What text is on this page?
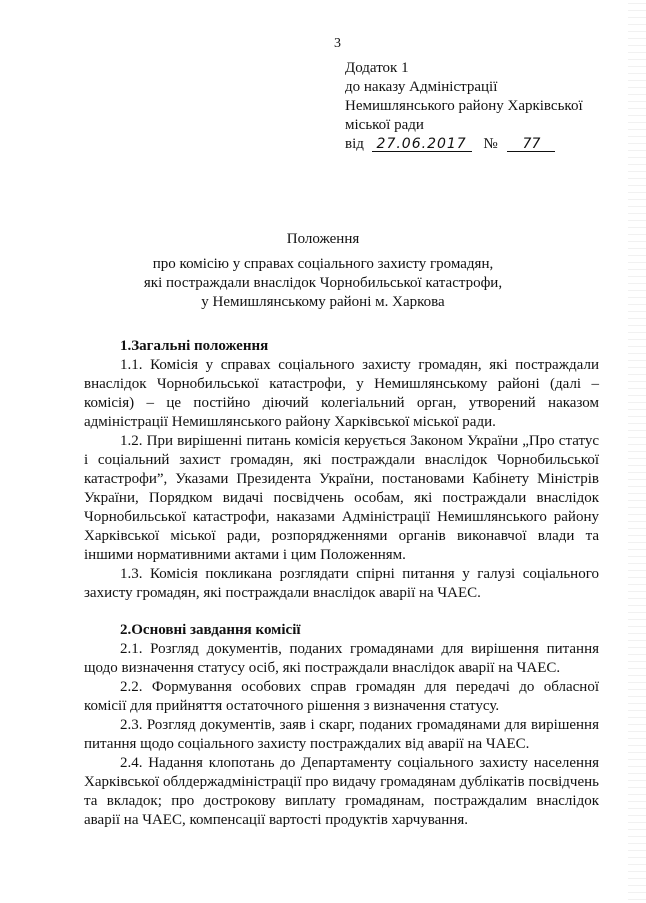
3
Додаток 1
до наказу Адміністрації
Немишлянського району Харківської
міської ради
від 27.06.2017 № 77
Положення
про комісію у справах соціального захисту громадян,
які постраждали внаслідок Чорнобильської катастрофи,
у Немишлянському районі м. Харкова
1.Загальні положення
1.1. Комісія у справах соціального захисту громадян, які постраждали внаслідок Чорнобильської катастрофи, у Немишлянському районі (далі – комісія) – це постійно діючий колегіальний орган, утворений наказом адміністрації Немишлянського району Харківської міської ради.
1.2. При вирішенні питань комісія керується Законом України „Про статус і соціальний захист громадян, які постраждали внаслідок Чорнобильської катастрофи”, Указами Президента України, постановами Кабінету Міністрів України, Порядком видачі посвідчень особам, які постраждали внаслідок Чорнобильської катастрофи, наказами Адміністрації Немишлянського району Харківської міської ради, розпорядженнями органів виконавчої влади та іншими нормативними актами і цим Положенням.
1.3. Комісія покликана розглядати спірні питання у галузі соціального захисту громадян, які постраждали внаслідок аварії на ЧАЕС.
2.Основні завдання комісії
2.1. Розгляд документів, поданих громадянами для вирішення питання щодо визначення статусу осіб, які постраждали внаслідок аварії на ЧАЕС.
2.2. Формування особових справ громадян для передачі до обласної комісії для прийняття остаточного рішення з визначення статусу.
2.3. Розгляд документів, заяв і скарг, поданих громадянами для вирішення питання щодо соціального захисту постраждалих від аварії на ЧАЕС.
2.4. Надання клопотань до Департаменту соціального захисту населення Харківської облдержадміністрації про видачу громадянам дублікатів посвідчень та вкладок; про дострокову виплату громадянам, постраждалим внаслідок аварії на ЧАЕС, компенсації вартості продуктів харчування.
